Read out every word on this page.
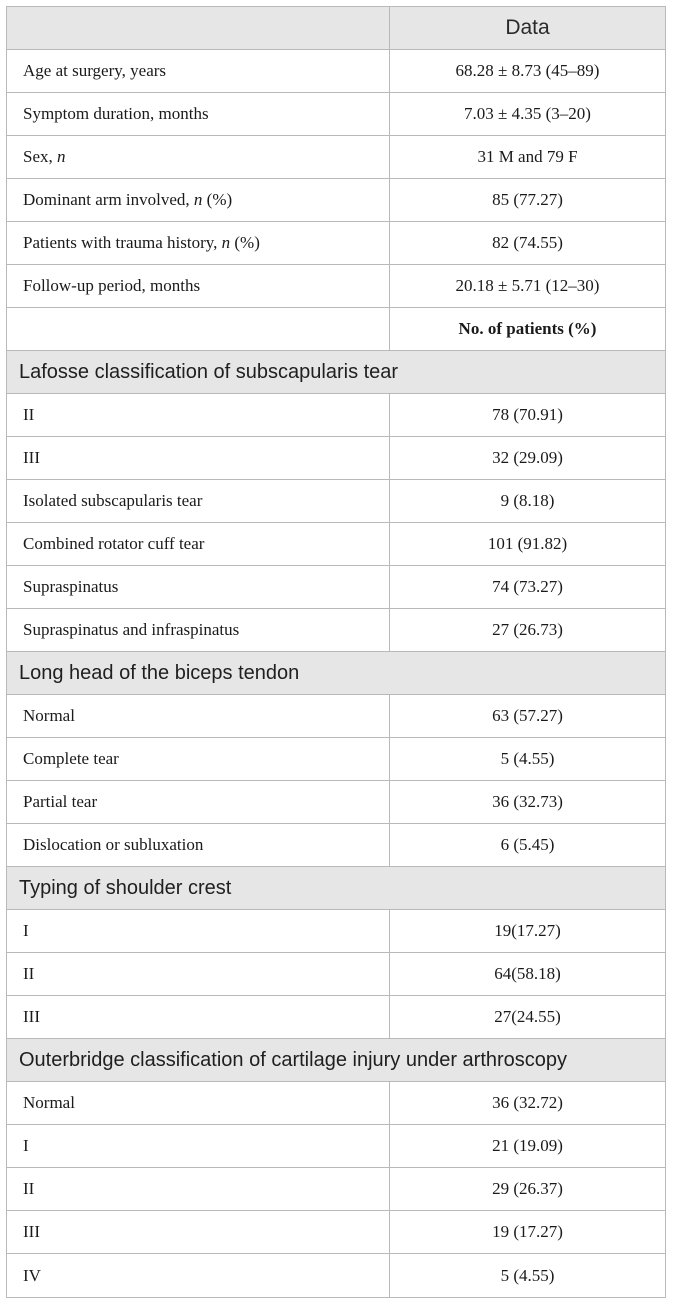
Data
Age at surgery, years	68.28 ± 8.73 (45–89)
Symptom duration, months	7.03 ± 4.35 (3–20)
Sex, n	31 M and 79 F
Dominant arm involved, n (%)	85 (77.27)
Patients with trauma history, n (%)	82 (74.55)
Follow-up period, months	20.18 ± 5.71 (12–30)
No. of patients (%)
Lafosse classification of subscapularis tear
II	78 (70.91)
III	32 (29.09)
Isolated subscapularis tear	9 (8.18)
Combined rotator cuff tear	101 (91.82)
Supraspinatus	74 (73.27)
Supraspinatus and infraspinatus	27 (26.73)
Long head of the biceps tendon
Normal	63 (57.27)
Complete tear	5 (4.55)
Partial tear	36 (32.73)
Dislocation or subluxation	6 (5.45)
Typing of shoulder crest
I	19(17.27)
II	64(58.18)
III	27(24.55)
Outerbridge classification of cartilage injury under arthroscopy
Normal	36 (32.72)
I	21 (19.09)
II	29 (26.37)
III	19 (17.27)
IV	5 (4.55)
